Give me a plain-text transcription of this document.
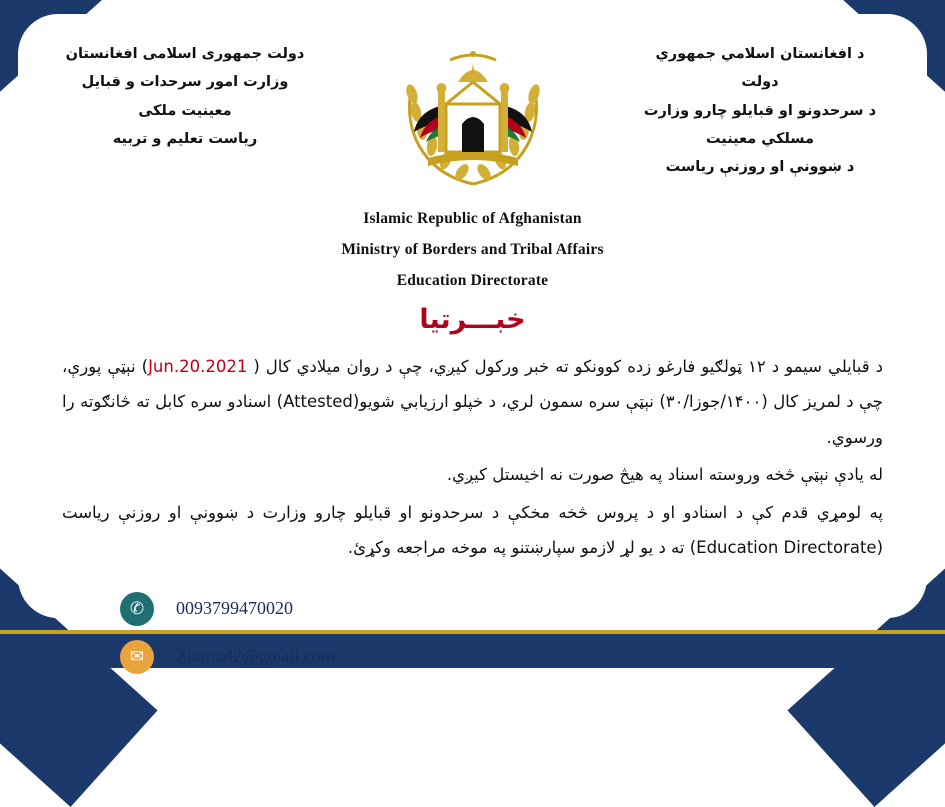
دولت جمهوری اسلامی افغانستان
وزارت امور سرحدات و قبایل
معینیت ملکی
ریاست تعلیم و تربیه
د افغانستان اسلامي جمهوري دولت
د سرحدونو او قبایلو چارو وزارت
مسلکي معینیت
د ښوونې او روزنې ریاست
Islamic Republic of Afghanistan
Ministry of Borders and Tribal Affairs
Education Directorate
خبـــرتیا

د قبایلي سیمو د ۱۲ ټولګیو فارغو زده کوونکو ته خبر ورکول کیږي، چې د روان میلادي کال ( Jun.20.2021) نېټې پورې، چې د لمریز کال (۱۴۰۰/جوزا/۳۰) نېټې سره سمون لري، د خپلو ارزیابي شویو(Attested) اسنادو سره کابل ته څانګوته را ورسوي.

له یادې نېټې څخه وروسته اسناد په هیڅ صورت نه اخیستل کیږي.

په لومړي قدم کې د اسنادو او د پروس څخه مخکې د سرحدونو او قبایلو چارو وزارت د ښوونې او روزنې ریاست (Education Directorate) ته د یو لړ لازمو سپارښتنو په موخه مراجعه وکړئ.

✆	0093799470020
✉	Ziarmal2@gmail.com
